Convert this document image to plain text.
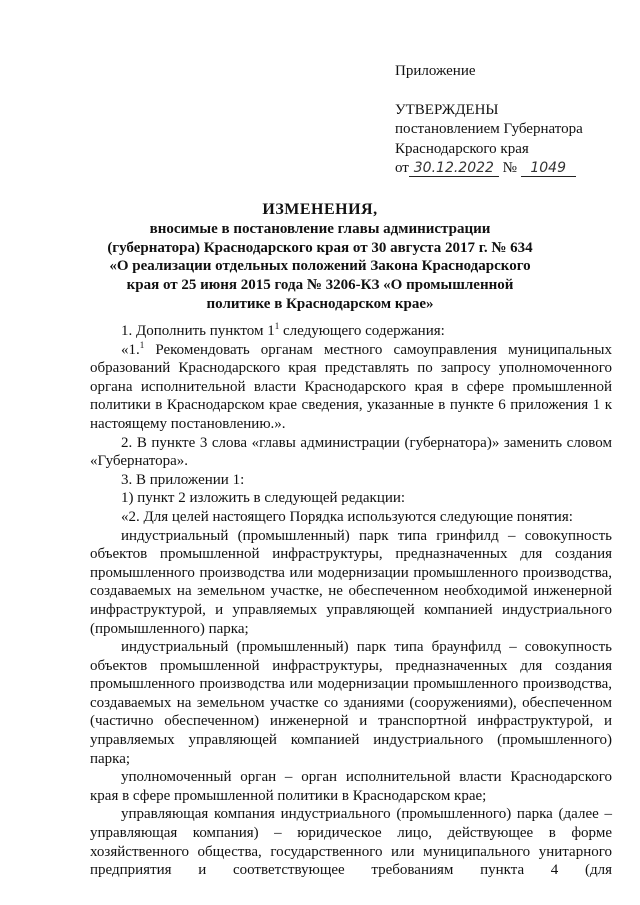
Приложение
УТВЕРЖДЕНЫ
постановлением Губернатора
Краснодарского края
от 30.12.2022 № 1049
ИЗМЕНЕНИЯ,
вносимые в постановление главы администрации
(губернатора) Краснодарского края от 30 августа 2017 г. № 634
«О реализации отдельных положений Закона Краснодарского
края от 25 июня 2015 года № 3206-КЗ «О промышленной
политике в Краснодарском крае»

1. Дополнить пунктом $1^1$ следующего содержания:

«1.$^1$ Рекомендовать органам местного самоуправления муниципальных образований Краснодарского края представлять по запросу уполномоченного органа исполнительной власти Краснодарского края в сфере промышленной политики в Краснодарском крае сведения, указанные в пункте 6 приложения 1 к настоящему постановлению.».

2. В пункте 3 слова «главы администрации (губернатора)» заменить словом «Губернатора».

3. В приложении 1:

1) пункт 2 изложить в следующей редакции:

«2. Для целей настоящего Порядка используются следующие понятия:

индустриальный (промышленный) парк типа гринфилд – совокупность объектов промышленной инфраструктуры, предназначенных для создания промышленного производства или модернизации промышленного производства, создаваемых на земельном участке, не обеспеченном необходимой инженерной инфраструктурой, и управляемых управляющей компанией индустриального (промышленного) парка;

индустриальный (промышленный) парк типа браунфилд – совокупность объектов промышленной инфраструктуры, предназначенных для создания промышленного производства или модернизации промышленного производства, создаваемых на земельном участке со зданиями (сооружениями), обеспеченном (частично обеспеченном) инженерной и транспортной инфраструктурой, и управляемых управляющей компанией индустриального (промышленного) парка;

уполномоченный орган – орган исполнительной власти Краснодарского края в сфере промышленной политики в Краснодарском крае;

управляющая компания индустриального (промышленного) парка (далее – управляющая компания) – юридическое лицо, действующее в форме хозяйственного общества, государственного или муниципального унитарного предприятия и соответствующее требованиям пункта 4 (для
